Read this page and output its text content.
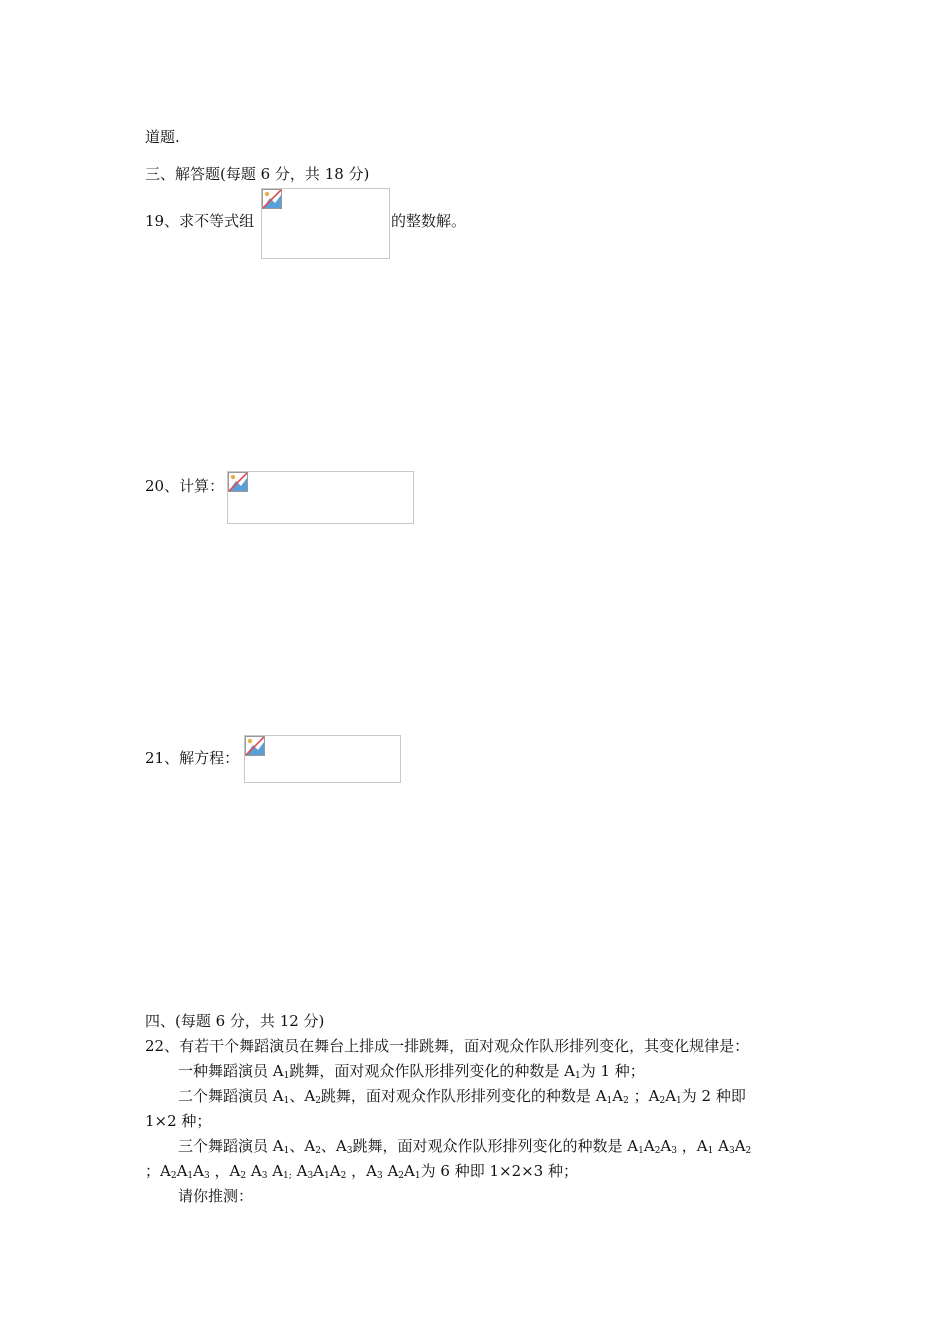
道题.
三、解答题(每题 6 分，共 18 分)
19、求不等式组	的整数解。
20、计算：
21、解方程：
四、(每题 6 分，共 12 分)
22、有若干个舞蹈演员在舞台上排成一排跳舞，面对观众作队形排列变化，其变化规律是：
一种舞蹈演员 $A_1$跳舞，面对观众作队形排列变化的种数是 $A_1$为 1 种；
二个舞蹈演员 $A_1$、$A_2$跳舞，面对观众作队形排列变化的种数是 $A_1A_2$ ；$A_2A_1$为 2 种即
1×2 种；
三个舞蹈演员 $A_1$、$A_2$、$A_3$跳舞，面对观众作队形排列变化的种数是 $A_1A_2A_3$ ，$A_1$ $A_3A_2$
；$A_2A_1A_3$ ，$A_2$ $A_3$ $A_{1;}$ $A_3A_1A_2$ ，$A_3$ $A_2A_1$为 6 种即 1×2×3 种；
请你推测：
